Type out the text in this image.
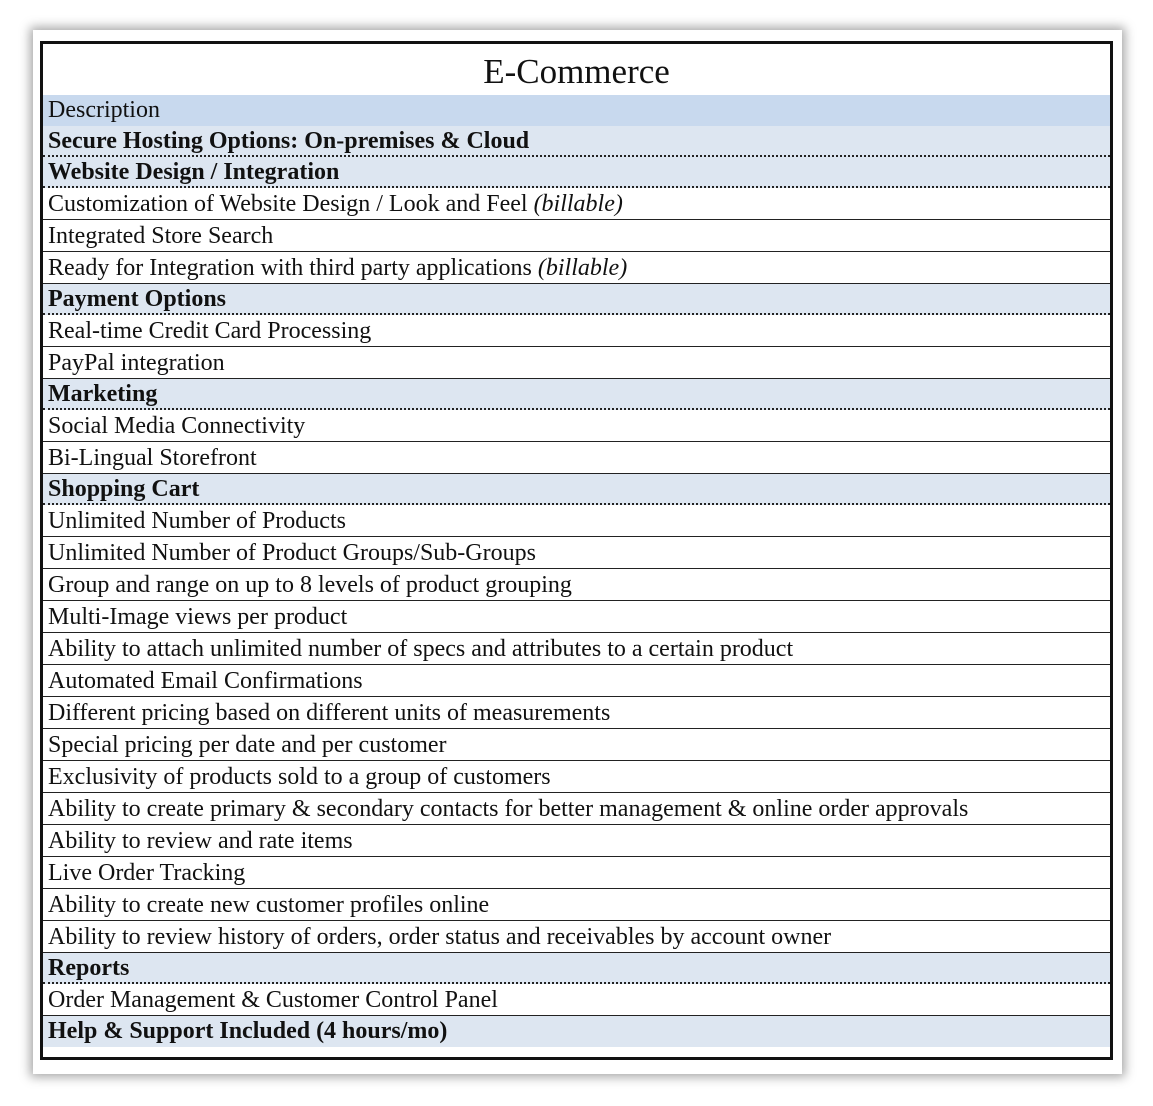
E-Commerce
Description
Secure Hosting Options: On-premises & Cloud
Website Design / Integration
Customization of Website Design / Look and Feel (billable)
Integrated Store Search
Ready for Integration with third party applications (billable)
Payment Options
Real-time Credit Card Processing
PayPal integration
Marketing
Social Media Connectivity
Bi-Lingual Storefront
Shopping Cart
Unlimited Number of Products
Unlimited Number of Product Groups/Sub-Groups
Group and range on up to 8 levels of product grouping
Multi-Image views per product
Ability to attach unlimited number of specs and attributes to a certain product
Automated Email Confirmations
Different pricing based on different units of measurements
Special pricing per date and per customer
Exclusivity of products sold to a group of customers
Ability to create primary & secondary contacts for better management & online order approvals
Ability to review and rate items
Live Order Tracking
Ability to create new customer profiles online
Ability to review history of orders, order status and receivables by account owner
Reports
Order Management & Customer Control Panel
Help & Support Included (4 hours/mo)
